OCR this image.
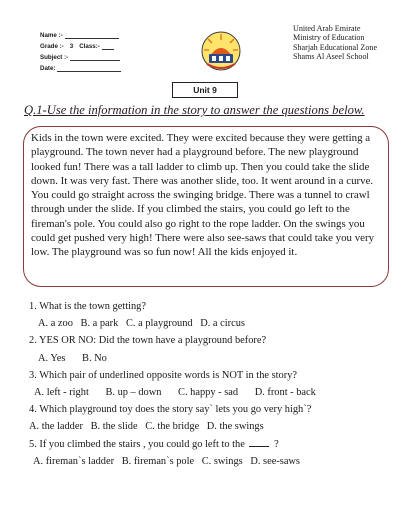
Name :-
Grade :- 3 Class:-
Subject :-
Date:
United Arab Emirate
Ministry of Education
Sharjah Educational Zone
Shams Al Aseel School
Unit 9
Q.1-Use the information in the story to answer the questions below.

Kids in the town were excited. They were excited because they were getting a playground. The town never had a playground before. The new playground looked fun! There was a tall ladder to climb up. Then you could take the slide down. It was very fast. There was another slide, too. It went around in a curve. You could go straight across the swinging bridge. There was a tunnel to crawl through under the slide. If you climbed the stairs, you could go left to the fireman's pole. You could also go right to the rope ladder. On the swings you could get pushed very high! There were also see-saws that could take you very low. The playground was so fun now! All the kids enjoyed it.

1. What is the town getting?
A. a zoo B. a park C. a playground D. a circus
2. YES OR NO: Did the town have a playground before?
A. Yes B. No
3. Which pair of underlined opposite words is NOT in the story?
A. left - right B. up – down C. happy - sad D. front - back
4. Which playground toy does the story say` lets you go very high`?
A. the ladder B. the slide C. the bridge D. the swings
5. If you climbed the stairs , you could go left to the	?
A. fireman`s ladder B. fireman`s pole C. swings D. see-saws
